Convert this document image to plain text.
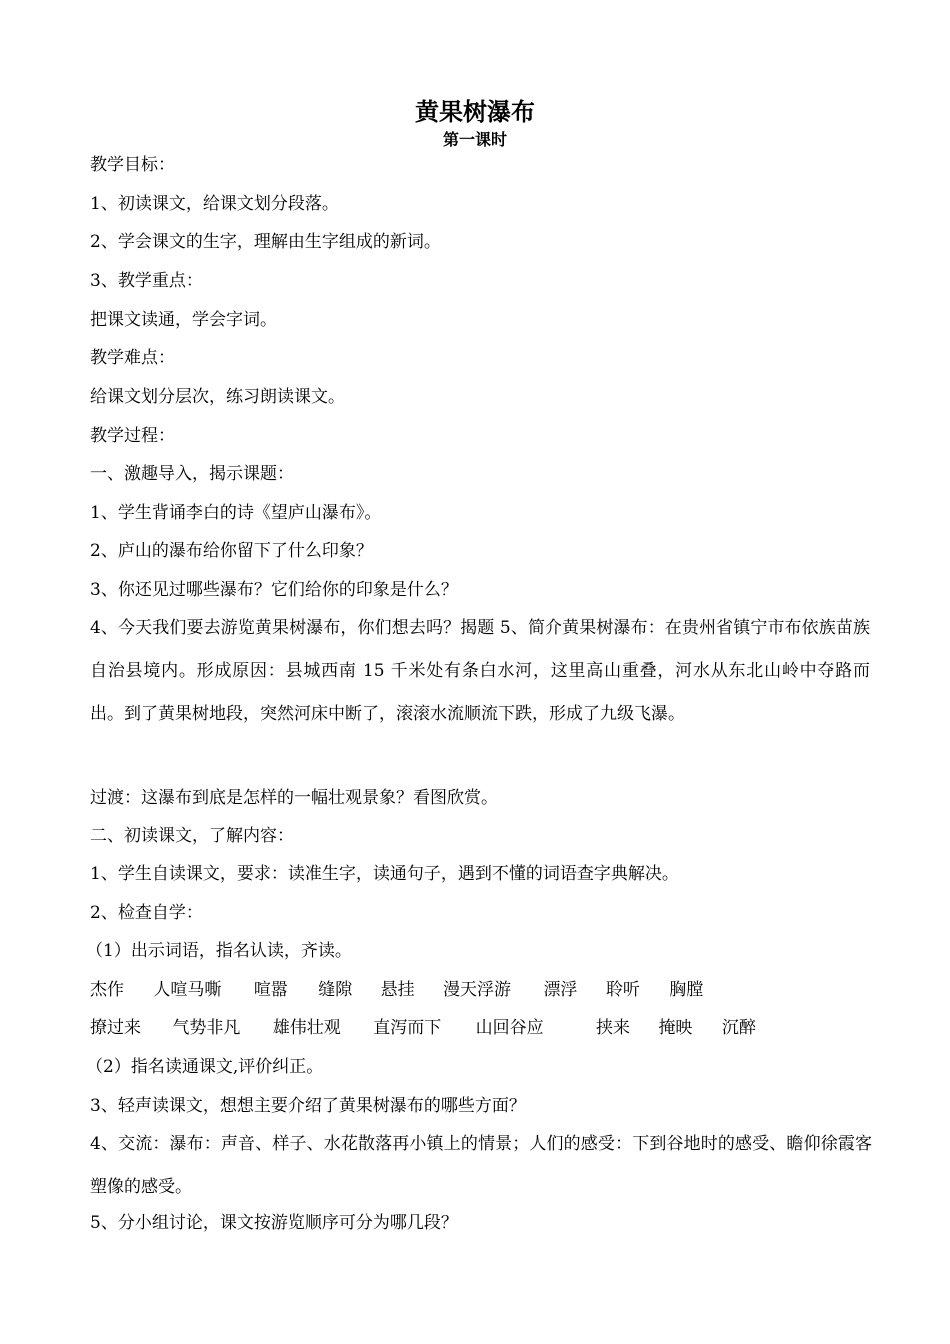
黄果树瀑布
第一课时
教学目标：
1、初读课文，给课文划分段落。
2、学会课文的生字，理解由生字组成的新词。
3、教学重点：
把课文读通，学会字词。
教学难点：
给课文划分层次，练习朗读课文。
教学过程：
一、激趣导入，揭示课题：
1、学生背诵李白的诗《望庐山瀑布》。
2、庐山的瀑布给你留下了什么印象？
3、你还见过哪些瀑布？它们给你的印象是什么？
4、今天我们要去游览黄果树瀑布，你们想去吗？揭题 5、简介黄果树瀑布：在贵州省镇宁市布依族苗族自治县境内。形成原因：县城西南 15 千米处有条白水河，这里高山重叠，河水从东北山岭中夺路而出。到了黄果树地段，突然河床中断了，滚滚水流顺流下跌，形成了九级飞瀑。
过渡：这瀑布到底是怎样的一幅壮观景象？看图欣赏。
二、初读课文，了解内容：
1、学生自读课文，要求：读准生字，读通句子，遇到不懂的词语查字典解决。
2、检查自学：
（1）出示词语，指名认读，齐读。
杰作 人喧马嘶 喧嚣 缝隙 悬挂 漫天浮游 漂浮 聆听 胸膛
撩过来 气势非凡 雄伟壮观 直泻而下 山回谷应	挟来 掩映 沉醉
（2）指名读通课文,评价纠正。
3、轻声读课文，想想主要介绍了黄果树瀑布的哪些方面？
4、交流：瀑布：声音、样子、水花散落再小镇上的情景；人们的感受：下到谷地时的感受、瞻仰徐霞客塑像的感受。
5、分小组讨论，课文按游览顺序可分为哪几段？
